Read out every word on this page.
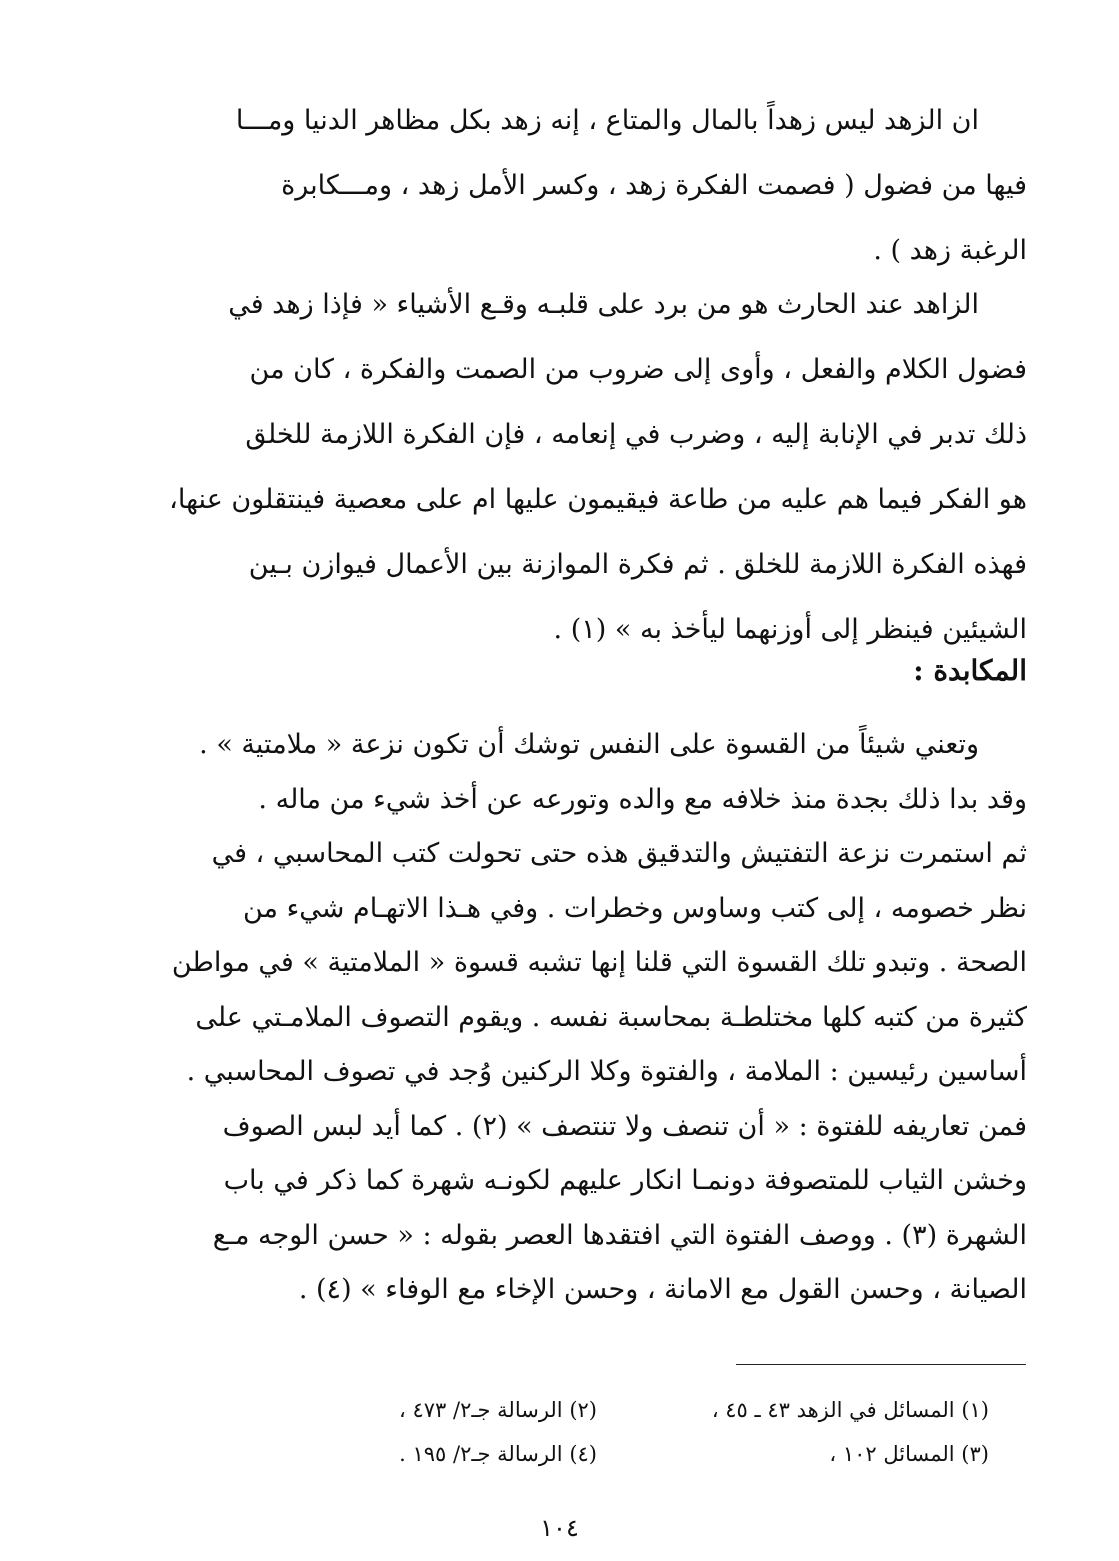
ان الزهد ليس زهداً بالمال والمتاع ، إنه زهد بكل مظاهر الدنيا ومـــا
فيها من فضول ( فصمت الفكرة زهد ، وكسر الأمل زهد ، ومـــكابرة
الرغبة زهد ) .
الزاهد عند الحارث هو من برد على قلبـه وقـع الأشياء « فإذا زهد في
فضول الكلام والفعل ، وأوى إلى ضروب من الصمت والفكرة ، كان من
ذلك تدبر في الإنابة إليه ، وضرب في إنعامه ، فإن الفكرة اللازمة للخلق
هو الفكر فيما هم عليه من طاعة فيقيمون عليها ام على معصية فينتقلون عنها،
فهذه الفكرة اللازمة للخلق . ثم فكرة الموازنة بين الأعمال فيوازن بـين
الشيئين فينظر إلى أوزنهما ليأخذ به » (١) .
المكابدة :
وتعني شيئاً من القسوة على النفس توشك أن تكون نزعة « ملامتية » .
وقد بدا ذلك بجدة منذ خلافه مع والده وتورعه عن أخذ شيء من ماله .
ثم استمرت نزعة التفتيش والتدقيق هذه حتى تحولت كتب المحاسبي ، في
نظر خصومه ، إلى كتب وساوس وخطرات . وفي هـذا الاتهـام شيء من
الصحة . وتبدو تلك القسوة التي قلنا إنها تشبه قسوة « الملامتية » في مواطن
كثيرة من كتبه كلها مختلطـة بمحاسبة نفسه . ويقوم التصوف الملامـتي على
أساسين رئيسين : الملامة ، والفتوة وكلا الركنين وُجد في تصوف المحاسبي .
فمن تعاريفه للفتوة : « أن تنصف ولا تنتصف » (٢) . كما أيد لبس الصوف
وخشن الثياب للمتصوفة دونمـا انكار عليهم لكونـه شهرة كما ذكر في باب
الشهرة (٣) . ووصف الفتوة التي افتقدها العصر بقوله : « حسن الوجه مـع
الصيانة ، وحسن القول مع الامانة ، وحسن الإخاء مع الوفاء » (٤) .
(١) المسائل في الزهد ٤٣ ـ ٤٥ ،
(٢) الرسالة جـ٢/ ٤٧٣ ،
(٣) المسائل ١٠٢ ،
(٤) الرسالة جـ٢/ ١٩٥ .
١٠٤
